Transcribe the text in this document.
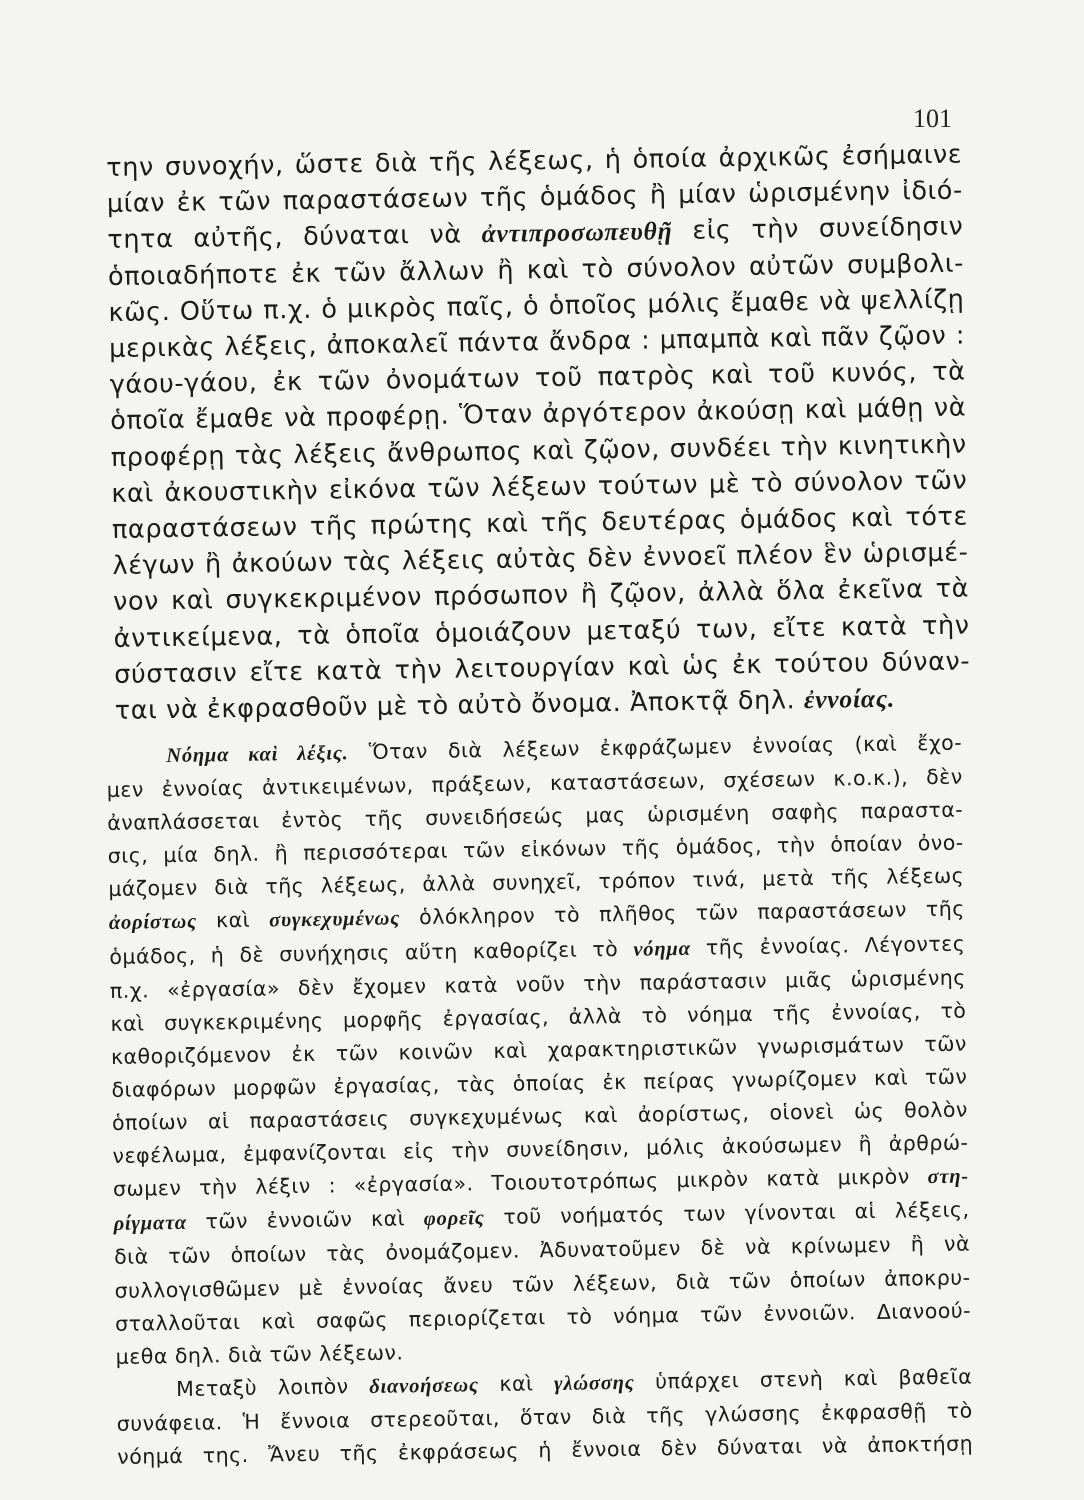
101
την συνοχήν, ὥστε διὰ τῆς λέξεως, ἡ ὁποία ἀρχικῶς ἐσήμαινε
μίαν ἐκ τῶν παραστάσεων τῆς ὁμάδος ἢ μίαν ὡρισμένην ἰδιό-
τητα αὐτῆς, δύναται νὰ ἀντιπροσωπευθῇ εἰς τὴν συνείδησιν
ὁποιαδήποτε ἐκ τῶν ἄλλων ἢ καὶ τὸ σύνολον αὐτῶν συμβολι-
κῶς. Οὕτω π.χ. ὁ μικρὸς παῖς, ὁ ὁποῖος μόλις ἔμαθε νὰ ψελλίζῃ
μερικὰς λέξεις, ἀποκαλεῖ πάντα ἄνδρα : μπαμπὰ καὶ πᾶν ζῷον :
γάου-γάου, ἐκ τῶν ὀνομάτων τοῦ πατρὸς καὶ τοῦ κυνός, τὰ
ὁποῖα ἔμαθε νὰ προφέρῃ. Ὅταν ἀργότερον ἀκούσῃ καὶ μάθῃ νὰ
προφέρῃ τὰς λέξεις ἄνθρωπος καὶ ζῷον, συνδέει τὴν κινητικὴν
καὶ ἀκουστικὴν εἰκόνα τῶν λέξεων τούτων μὲ τὸ σύνολον τῶν
παραστάσεων τῆς πρώτης καὶ τῆς δευτέρας ὁμάδος καὶ τότε
λέγων ἢ ἀκούων τὰς λέξεις αὐτὰς δὲν ἐννοεῖ πλέον ἓν ὡρισμέ-
νον καὶ συγκεκριμένον πρόσωπον ἢ ζῷον, ἀλλὰ ὅλα ἐκεῖνα τὰ
ἀντικείμενα, τὰ ὁποῖα ὁμοιάζουν μεταξύ των, εἴτε κατὰ τὴν
σύστασιν εἴτε κατὰ τὴν λειτουργίαν καὶ ὡς ἐκ τούτου δύναν-
ται νὰ ἐκφρασθοῦν μὲ τὸ αὐτὸ ὄνομα. Ἀποκτᾷ δηλ. ἐννοίας.
Νόημα καὶ λέξις. Ὅταν διὰ λέξεων ἐκφράζωμεν ἐννοίας (καὶ ἔχο-
μεν ἐννοίας ἀντικειμένων, πράξεων, καταστάσεων, σχέσεων κ.ο.κ.), δὲν
ἀναπλάσσεται ἐντὸς τῆς συνειδήσεώς μας ὡρισμένη σαφὴς παραστα-
σις, μία δηλ. ἢ περισσότεραι τῶν εἰκόνων τῆς ὁμάδος, τὴν ὁποίαν ὀνο-
μάζομεν διὰ τῆς λέξεως, ἀλλὰ συνηχεῖ, τρόπον τινά, μετὰ τῆς λέξεως
ἀορίστως καὶ συγκεχυμένως ὁλόκληρον τὸ πλῆθος τῶν παραστάσεων τῆς
ὁμάδος, ἡ δὲ συνήχησις αὕτη καθορίζει τὸ νόημα τῆς ἐννοίας. Λέγοντες
π.χ. «ἐργασία» δὲν ἔχομεν κατὰ νοῦν τὴν παράστασιν μιᾶς ὡρισμένης
καὶ συγκεκριμένης μορφῆς ἐργασίας, ἀλλὰ τὸ νόημα τῆς ἐννοίας, τὸ
καθοριζόμενον ἐκ τῶν κοινῶν καὶ χαρακτηριστικῶν γνωρισμάτων τῶν
διαφόρων μορφῶν ἐργασίας, τὰς ὁποίας ἐκ πείρας γνωρίζομεν καὶ τῶν
ὁποίων αἱ παραστάσεις συγκεχυμένως καὶ ἀορίστως, οἱονεὶ ὡς θολὸν
νεφέλωμα, ἐμφανίζονται εἰς τὴν συνείδησιν, μόλις ἀκούσωμεν ἢ ἀρθρώ-
σωμεν τὴν λέξιν : «ἐργασία». Τοιουτοτρόπως μικρὸν κατὰ μικρὸν στη-
ρίγματα τῶν ἐννοιῶν καὶ φορεῖς τοῦ νοήματός των γίνονται αἱ λέξεις,
διὰ τῶν ὁποίων τὰς ὀνομάζομεν. Ἀδυνατοῦμεν δὲ νὰ κρίνωμεν ἢ νὰ
συλλογισθῶμεν μὲ ἐννοίας ἄνευ τῶν λέξεων, διὰ τῶν ὁποίων ἀποκρυ-
σταλλοῦται καὶ σαφῶς περιορίζεται τὸ νόημα τῶν ἐννοιῶν. Διανοού-
μεθα δηλ. διὰ τῶν λέξεων.
Μεταξὺ λοιπὸν διανοήσεως καὶ γλώσσης ὑπάρχει στενὴ καὶ βαθεῖα
συνάφεια. Ἡ ἔννοια στερεοῦται, ὅταν διὰ τῆς γλώσσης ἐκφρασθῇ τὸ
νόημά της. Ἄνευ τῆς ἐκφράσεως ἡ ἔννοια δὲν δύναται νὰ ἀποκτήσῃ
